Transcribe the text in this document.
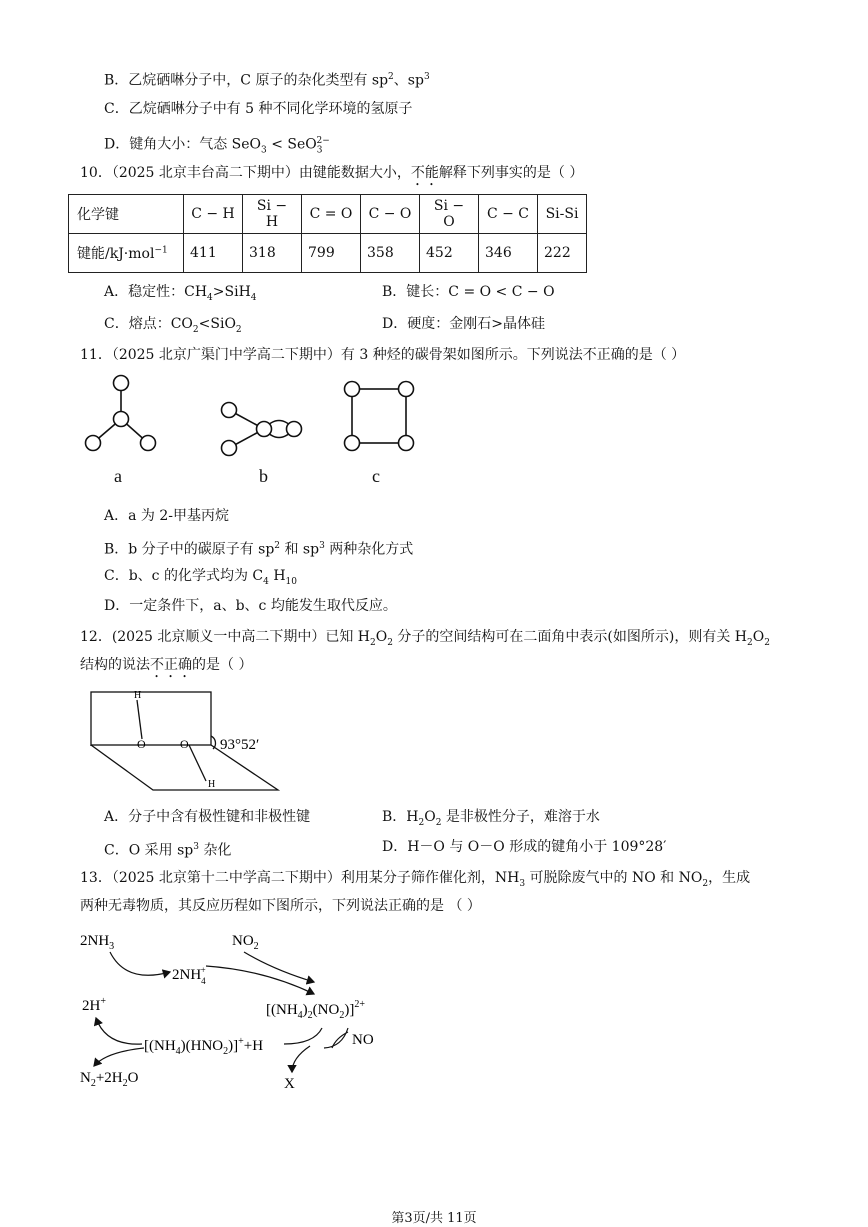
B．乙烷硒啉分子中，C 原子的杂化类型有 $sp^2$、$sp^3$
C．乙烷硒啉分子中有 5 种不同化学环境的氢原子
D．键角大小：气态 SeO$_3$ < SeO$_3^{2-}$
10．（2025 北京丰台高二下期中）由键能数据大小，不能解释下列事实的是（ ）
化学键	C − H	Si − H	C = O	C − O	Si − O	C − C	Si-Si
键能/kJ·mol$^{-1}$	411	318	799	358	452	346	222
A．稳定性：$CH_4>SiH_4$	B．键长：C = O < C − O
C．熔点：$CO_2<SiO_2$	D．硬度：金刚石>晶体硅
11．（2025 北京广渠门中学高二下期中）有 3 种烃的碳骨架如图所示。下列说法不正确的是（ ）
a	b	c
A．a 为 2-甲基丙烷
B．b 分子中的碳原子有 $sp^2$ 和 $sp^3$ 两种杂化方式
C．b、c 的化学式均为 $C_4$ $H_{10}$
D．一定条件下，a、b、c 均能发生取代反应。
12．(2025 北京顺义一中高二下期中）已知 $H_2O_2$ 分子的空间结构可在二面角中表示(如图所示)，则有关 $H_2O_2$
结构的说法不正确的是（ ）
H
O	O
H
93°52′
A．分子中含有极性键和非极性键	B．$H_2O_2$ 是非极性分子，难溶于水
C．O 采用 $sp^3$ 杂化	D．H－O 与 O－O 形成的键角小于 109°28′
13．（2025 北京第十二中学高二下期中）利用某分子筛作催化剂，$NH_3$ 可脱除废气中的 NO 和 $NO_2$，生成
两种无毒物质，其反应历程如下图所示，下列说法正确的是 （ ）
$2NH_3$
$2NH_4+$
$NO_2$
$[(NH_4)_2(NO_2)]^{2+}$
2H+
NO
$[(NH_4)(HNO_2)]^++H$
X
$N_2+2H_2O$
第3页/共 11页
